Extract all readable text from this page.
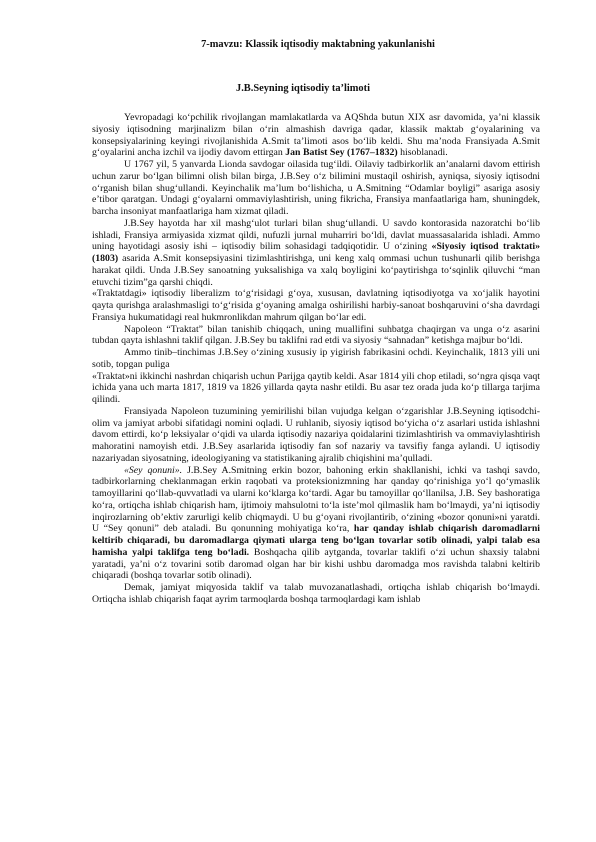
7-mavzu: Klassik iqtisodiy maktabning yakunlanishi
J.B.Seyning iqtisodiy ta’limoti

Yevropadagi ko‘pchilik rivojlangan mamlakatlarda va AQShda butun XIX asr davomida, ya’ni klassik siyosiy iqtisodning marjinalizm bilan o‘rin almashish davriga qadar, klassik maktab g‘oyalarining va konsepsiyalarining keyingi rivojlanishida A.Smit ta’limoti asos bo‘lib keldi. Shu ma’noda Fransiyada A.Smit g‘oyalarini ancha izchil va ijodiy davom ettirgan Jan Batist Sey (1767–1832) hisoblanadi.

U 1767 yil, 5 yanvarda Lionda savdogar oilasida tug‘ildi. Oilaviy tadbirkorlik an’analarni davom ettirish uchun zarur bo‘lgan bilimni olish bilan birga, J.B.Sey o‘z bilimini mustaqil oshirish, ayniqsa, siyosiy iqtisodni o‘rganish bilan shug‘ullandi. Keyinchalik ma’lum bo‘lishicha, u A.Smitning “Odamlar boyligi” asariga asosiy e’tibor qaratgan. Undagi g‘oyalarni ommaviylashtirish, uning fikricha, Fransiya manfaatlariga ham, shuningdek, barcha insoniyat manfaatlariga ham xizmat qiladi.

J.B.Sey hayotda har xil mashg‘ulot turlari bilan shug‘ullandi. U savdo kontorasida nazoratchi bo‘lib ishladi, Fransiya armiyasida xizmat qildi, nufuzli jurnal muharriri bo‘ldi, davlat muassasalarida ishladi. Ammo uning hayotidagi asosiy ishi – iqtisodiy bilim sohasidagi tadqiqotidir. U o‘zining «Siyosiy iqtisod traktati» (1803) asarida A.Smit konsepsiyasini tizimlashtirishga, uni keng xalq ommasi uchun tushunarli qilib berishga harakat qildi. Unda J.B.Sey sanoatning yuksalishiga va xalq boyligini ko‘paytirishga to‘sqinlik qiluvchi “man etuvchi tizim”ga qarshi chiqdi.

«Traktatdagi» iqtisodiy liberalizm to‘g‘risidagi g‘oya, xususan, davlatning iqtisodiyotga va xo‘jalik hayotini qayta qurishga aralashmasligi to‘g‘risida g‘oyaning amalga oshirilishi harbiy-sanoat boshqaruvini o‘sha davrdagi Fransiya hukumatidagi real hukmronlikdan mahrum qilgan bo‘lar edi.

Napoleon “Traktat” bilan tanishib chiqqach, uning muallifini suhbatga chaqirgan va unga o‘z asarini tubdan qayta ishlashni taklif qilgan. J.B.Sey bu taklifni rad etdi va siyosiy “sahnadan” ketishga majbur bo‘ldi.

Ammo tinib–tinchimas J.B.Sey o‘zining xususiy ip yigirish fabrikasini ochdi. Keyinchalik, 1813 yili uni sotib, topgan puliga

«Traktat»ni ikkinchi nashrdan chiqarish uchun Parijga qaytib keldi. Asar 1814 yili chop etiladi, so‘ngra qisqa vaqt ichida yana uch marta 1817, 1819 va 1826 yillarda qayta nashr etildi. Bu asar tez orada juda ko‘p tillarga tarjima qilindi.

Fransiyada Napoleon tuzumining yemirilishi bilan vujudga kelgan o‘zgarishlar J.B.Seyning iqtisodchi-olim va jamiyat arbobi sifatidagi nomini oqladi. U ruhlanib, siyosiy iqtisod bo‘yicha o‘z asarlari ustida ishlashni davom ettirdi, ko‘p leksiyalar o‘qidi va ularda iqtisodiy nazariya qoidalarini tizimlashtirish va ommaviylashtirish mahoratini namoyish etdi. J.B.Sey asarlarida iqtisodiy fan sof nazariy va tavsifiy fanga aylandi. U iqtisodiy nazariyadan siyosatning, ideologiyaning va statistikaning ajralib chiqishini ma’qulladi.

«Sey qonuni». J.B.Sey A.Smitning erkin bozor, bahoning erkin shakllanishi, ichki va tashqi savdo, tadbirkorlarning cheklanmagan erkin raqobati va proteksionizmning har qanday qo‘rinishiga yo‘l qo‘ymaslik tamoyillarini qo‘llab-quvvatladi va ularni ko‘klarga ko‘tardi. Agar bu tamoyillar qo‘llanilsa, J.B. Sey bashoratiga ko‘ra, ortiqcha ishlab chiqarish ham, ijtimoiy mahsulotni to‘la iste’mol qilmaslik ham bo‘lmaydi, ya’ni iqtisodiy inqirozlarning ob’ektiv zarurligi kelib chiqmaydi. U bu g‘oyani rivojlantirib, o‘zining «bozor qonuni»ni yaratdi. U “Sey qonuni” deb ataladi. Bu qonunning mohiyatiga ko‘ra, har qanday ishlab chiqarish daromadlarni keltirib chiqaradi, bu daromadlarga qiymati ularga teng bo‘lgan tovarlar sotib olinadi, yalpi talab esa hamisha yalpi taklifga teng bo‘ladi. Boshqacha qilib aytganda, tovarlar taklifi o‘zi uchun shaxsiy talabni yaratadi, ya’ni o‘z tovarini sotib daromad olgan har bir kishi ushbu daromadga mos ravishda talabni keltirib chiqaradi (boshqa tovarlar sotib olinadi).

Demak, jamiyat miqyosida taklif va talab muvozanatlashadi, ortiqcha ishlab chiqarish bo‘lmaydi. Ortiqcha ishlab chiqarish faqat ayrim tarmoqlarda boshqa tarmoqlardagi kam ishlab
